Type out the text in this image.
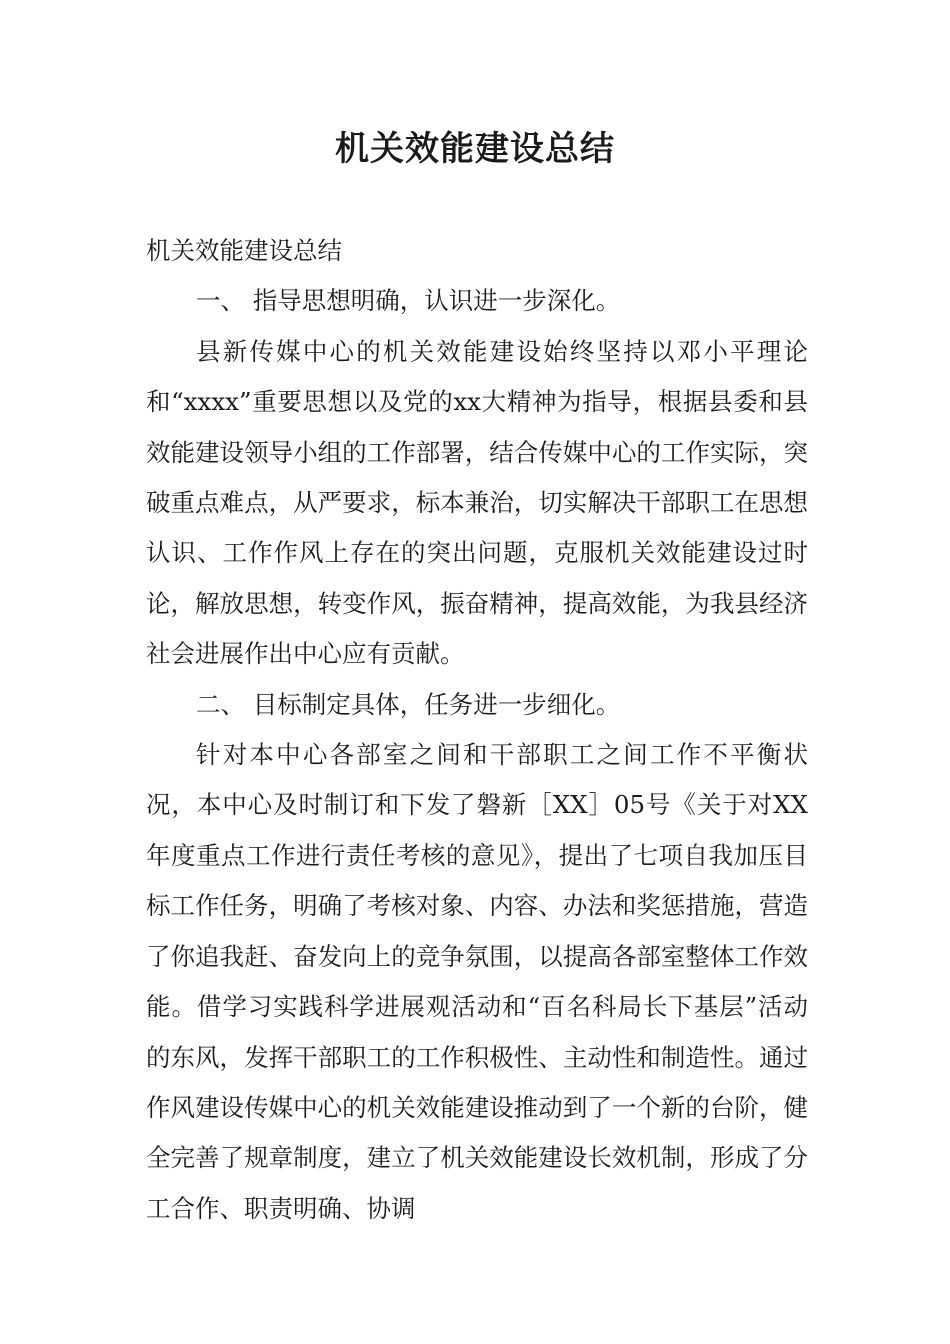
机关效能建设总结

机关效能建设总结

一、 指导思想明确，认识进一步深化。

县新传媒中心的机关效能建设始终坚持以邓小平理论和“xxxx”重要思想以及党的xx大精神为指导，根据县委和县效能建设领导小组的工作部署，结合传媒中心的工作实际，突破重点难点，从严要求，标本兼治，切实解决干部职工在思想认识、工作作风上存在的突出问题，克服机关效能建设过时论，解放思想，转变作风，振奋精神，提高效能，为我县经济社会进展作出中心应有贡献。

二、 目标制定具体，任务进一步细化。

针对本中心各部室之间和干部职工之间工作不平衡状况，本中心及时制订和下发了磐新［XX］05号《关于对XX年度重点工作进行责任考核的意见》，提出了七项自我加压目标工作任务，明确了考核对象、内容、办法和奖惩措施，营造了你追我赶、奋发向上的竞争氛围，以提高各部室整体工作效能。借学习实践科学进展观活动和“百名科局长下基层”活动的东风，发挥干部职工的工作积极性、主动性和制造性。通过作风建设传媒中心的机关效能建设推动到了一个新的台阶，健全完善了规章制度，建立了机关效能建设长效机制，形成了分工合作、职责明确、协调
